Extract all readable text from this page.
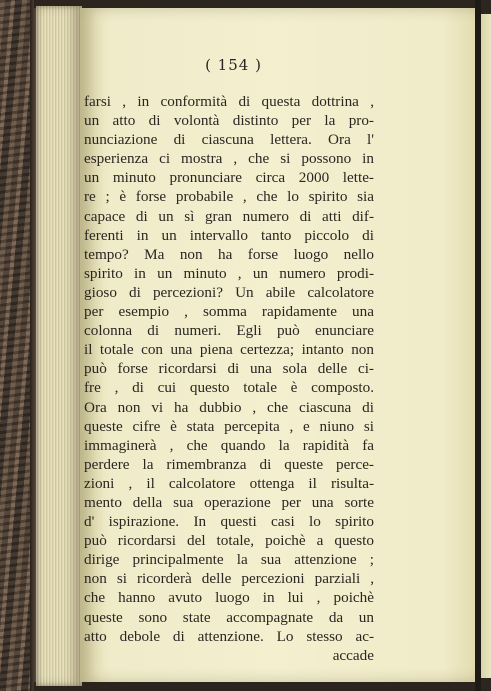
( 154 )
farsi , in conformità di questa dottrina ,
un atto di volontà distinto per la pro-
nunciazione di ciascuna lettera. Ora l'
esperienza ci mostra , che si possono in
un minuto pronunciare circa 2000 lette-
re ; è forse probabile , che lo spirito sia
capace di un sì gran numero di atti dif-
ferenti in un intervallo tanto piccolo di
tempo? Ma non ha forse luogo nello
spirito in un minuto , un numero prodi-
gioso di percezioni? Un abile calcolatore
per esempio , somma rapidamente una
colonna di numeri. Egli può enunciare
il totale con una piena certezza; intanto non
può forse ricordarsi di una sola delle ci-
fre , di cui questo totale è composto.
Ora non vi ha dubbio , che ciascuna di
queste cifre è stata percepita , e niuno si
immaginerà , che quando la rapidità fa
perdere la rimembranza di queste perce-
zioni , il calcolatore ottenga il risulta-
mento della sua operazione per una sorte
d' ispirazione. In questi casi lo spirito
può ricordarsi del totale, poichè a questo
dirige principalmente la sua attenzione ;
non si ricorderà delle percezioni parziali ,
che hanno avuto luogo in lui , poichè
queste sono state accompagnate da un
atto debole di attenzione. Lo stesso ac-
accade
